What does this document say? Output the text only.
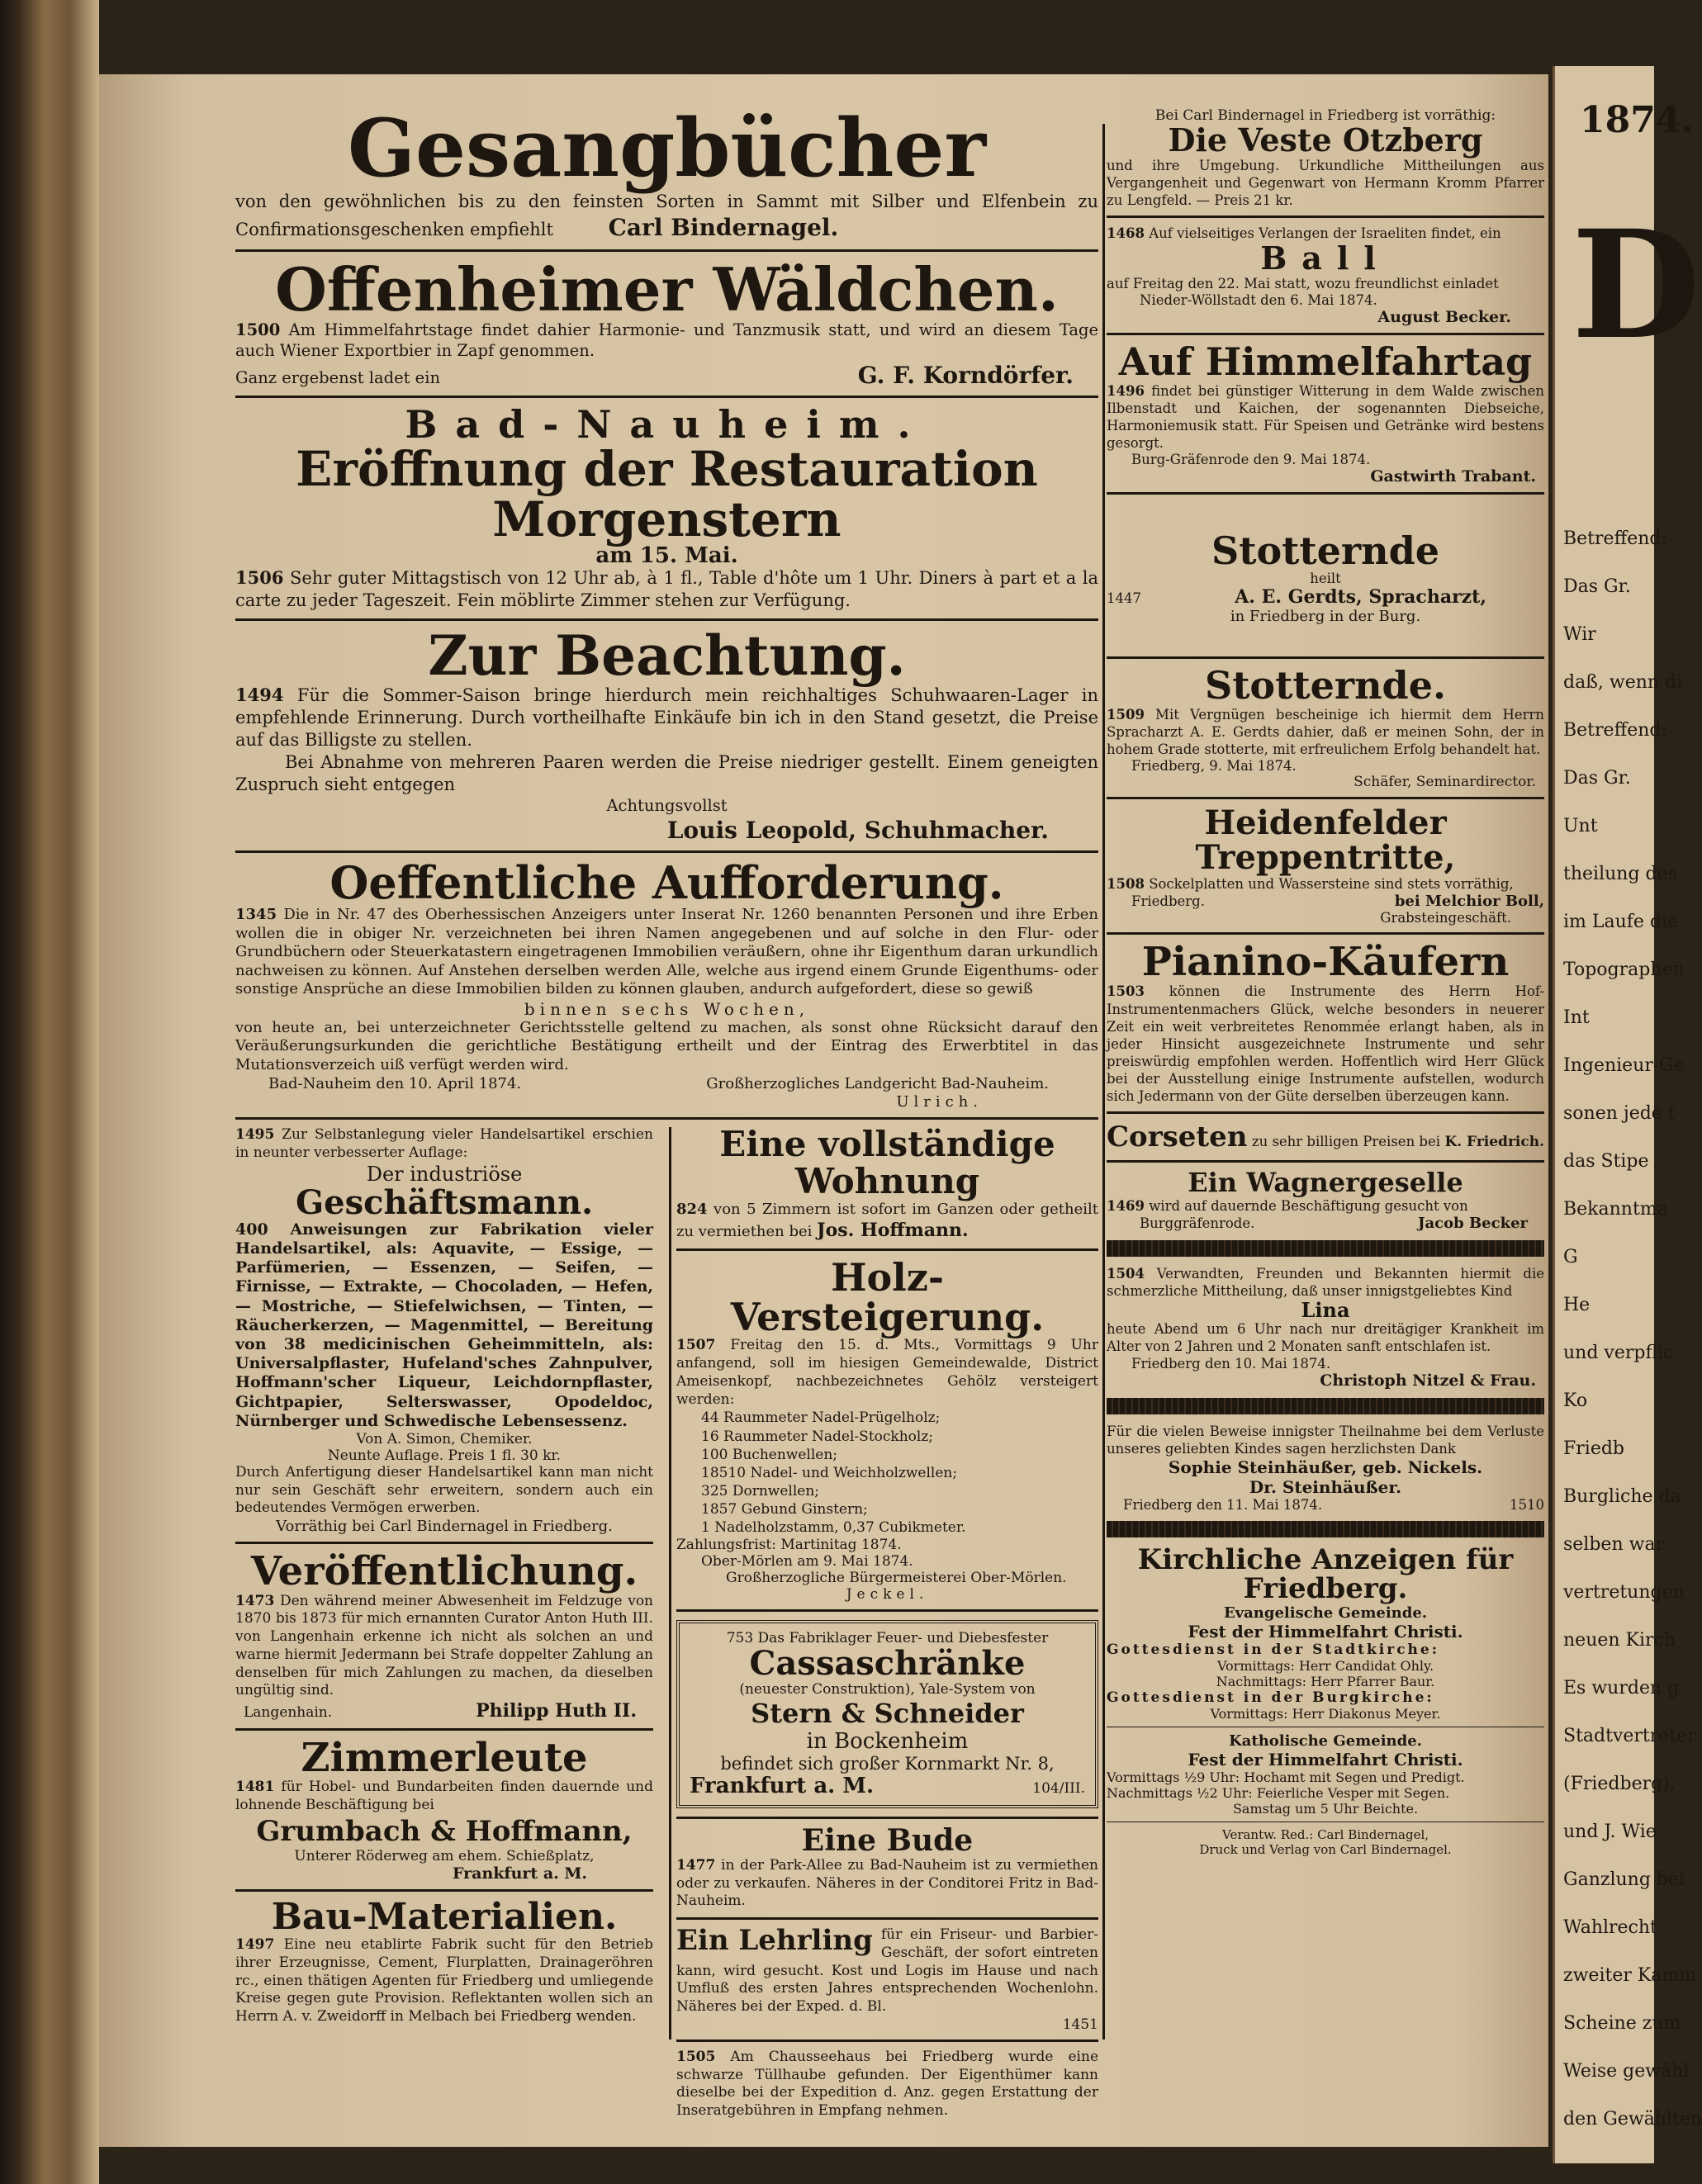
1874.
D
Betreffend:
Das Gr.
Wir
daß, wenn di
Betreffend:
Das Gr.
Unt
theilung des
im Laufe die
Topographen
Int
Ingenieur-Ge
sonen jede t
das Stipe
Bekanntma
G
He
und verpflic
Ko
Friedb
Burgliche da
selben war
vertretungen
neuen Kirch
Es wurden g
Stadtvertreter
(Friedberg),
und J. Wie
Ganzlung bei
Wahlrecht
zweiter Kamm
Scheine zum
Weise gewähl
den Gewählten
Gesangbücher

von den gewöhnlichen bis zu den feinsten Sorten in Sammt mit Silber und Elfenbein zu Confirmationsgeschenken empfiehlt Carl Bindernagel.

Offenheimer Wäldchen.

1500 Am Himmelfahrtstage findet dahier Harmonie- und Tanzmusik statt, und wird an diesem Tage auch Wiener Exportbier in Zapf genommen.

Ganz ergebenst ladet ein	G. F. Korndörfer.
Bad-Nauheim.
Eröffnung der Restauration Morgenstern
am 15. Mai.

1506 Sehr guter Mittagstisch von 12 Uhr ab, à 1 fl., Table d'hôte um 1 Uhr. Diners à part et a la carte zu jeder Tageszeit. Fein möblirte Zimmer stehen zur Verfügung.

Zur Beachtung.

1494 Für die Sommer-Saison bringe hierdurch mein reichhaltiges Schuhwaaren-Lager in empfehlende Erinnerung. Durch vortheilhafte Einkäufe bin ich in den Stand gesetzt, die Preise auf das Billigste zu stellen.

Bei Abnahme von mehreren Paaren werden die Preise niedriger gestellt. Einem geneigten Zuspruch sieht entgegen

Achtungsvollst
Louis Leopold, Schuhmacher.
Oeffentliche Aufforderung.

1345 Die in Nr. 47 des Oberhessischen Anzeigers unter Inserat Nr. 1260 benannten Personen und ihre Erben wollen die in obiger Nr. verzeichneten bei ihren Namen angegebenen und auf solche in den Flur- oder Grundbüchern oder Steuerkatastern eingetragenen Immobilien veräußern, ohne ihr Eigenthum daran urkundlich nachweisen zu können. Auf Anstehen derselben werden Alle, welche aus irgend einem Grunde Eigenthums- oder sonstige Ansprüche an diese Immobilien bilden zu können glauben, andurch aufgefordert, diese so gewiß

binnen sechs Wochen,

von heute an, bei unterzeichneter Gerichtsstelle geltend zu machen, als sonst ohne Rücksicht darauf den Veräußerungsurkunden die gerichtliche Bestätigung ertheilt und der Eintrag des Erwerbtitel in das Mutationsverzeich uiß verfügt werden wird.

Bad-Nauheim den 10. April 1874.	Großherzogliches Landgericht Bad-Nauheim.
Ulrich.

1495 Zur Selbstanlegung vieler Handelsartikel erschien in neunter verbesserter Auflage:

Der industriöse
Geschäftsmann.

400 Anweisungen zur Fabrikation vieler Handelsartikel, als: Aquavite, — Essige, — Parfümerien, — Essenzen, — Seifen, — Firnisse, — Extrakte, — Chocoladen, — Hefen, — Mostriche, — Stiefelwichsen, — Tinten, — Räucherkerzen, — Magenmittel, — Bereitung von 38 medicinischen Geheimmitteln, als: Universalpflaster, Hufeland'sches Zahnpulver, Hoffmann'scher Liqueur, Leichdornpflaster, Gichtpapier, Selterswasser, Opodeldoc, Nürnberger und Schwedische Lebensessenz.

Von A. Simon, Chemiker.
Neunte Auflage. Preis 1 fl. 30 kr.

Durch Anfertigung dieser Handelsartikel kann man nicht nur sein Geschäft sehr erweitern, sondern auch ein bedeutendes Vermögen erwerben.

Vorräthig bei Carl Bindernagel in Friedberg.
Veröffentlichung.

1473 Den während meiner Abwesenheit im Feldzuge von 1870 bis 1873 für mich ernannten Curator Anton Huth III. von Langenhain erkenne ich nicht als solchen an und warne hiermit Jedermann bei Strafe doppelter Zahlung an denselben für mich Zahlungen zu machen, da dieselben ungültig sind.

Langenhain.	Philipp Huth II.
Zimmerleute

1481 für Hobel- und Bundarbeiten finden dauernde und lohnende Beschäftigung bei

Grumbach & Hoffmann,
Unterer Röderweg am ehem. Schießplatz,
Frankfurt a. M.
Bau-Materialien.

1497 Eine neu etablirte Fabrik sucht für den Betrieb ihrer Erzeugnisse, Cement, Flurplatten, Drainageröhren rc., einen thätigen Agenten für Friedberg und umliegende Kreise gegen gute Provision. Reflektanten wollen sich an Herrn A. v. Zweidorff in Melbach bei Friedberg wenden.

Eine vollständige Wohnung

824 von 5 Zimmern ist sofort im Ganzen oder getheilt zu vermiethen bei Jos. Hoffmann.

Holz-Versteigerung.

1507 Freitag den 15. d. Mts., Vormittags 9 Uhr anfangend, soll im hiesigen Gemeindewalde, District Ameisenkopf, nachbezeichnetes Gehölz versteigert werden:

44 Raummeter Nadel-Prügelholz;
16 Raummeter Nadel-Stockholz;
100 Buchenwellen;
18510 Nadel- und Weichholzwellen;
325 Dornwellen;
1857 Gebund Ginstern;
1 Nadelholzstamm, 0,37 Cubikmeter.
Zahlungsfrist: Martinitag 1874.
Ober-Mörlen am 9. Mai 1874.
Großherzogliche Bürgermeisterei Ober-Mörlen.
Jeckel.
753 Das Fabriklager Feuer- und Diebesfester
Cassaschränke
(neuester Construktion), Yale-System von
Stern & Schneider
in Bockenheim
befindet sich großer Kornmarkt Nr. 8,
Frankfurt a. M.	104/III.
Eine Bude

1477 in der Park-Allee zu Bad-Nauheim ist zu vermiethen oder zu verkaufen. Näheres in der Conditorei Fritz in Bad-Nauheim.

Ein Lehrling für ein Friseur- und Barbier-Geschäft, der sofort eintreten kann, wird gesucht. Kost und Logis im Hause und nach Umfluß des ersten Jahres entsprechenden Wochenlohn. Näheres bei der Exped. d. Bl.

1451

1505 Am Chausseehaus bei Friedberg wurde eine schwarze Tüllhaube gefunden. Der Eigenthümer kann dieselbe bei der Expedition d. Anz. gegen Erstattung der Inseratgebühren in Empfang nehmen.

Bei Carl Bindernagel in Friedberg ist vorräthig:
Die Veste Otzberg

und ihre Umgebung. Urkundliche Mittheilungen aus Vergangenheit und Gegenwart von Hermann Kromm Pfarrer zu Lengfeld. — Preis 21 kr.

1468 Auf vielseitiges Verlangen der Israeliten findet, ein

Ball

auf Freitag den 22. Mai statt, wozu freundlichst einladet

Nieder-Wöllstadt den 6. Mai 1874.
August Becker.
Auf Himmelfahrtag

1496 findet bei günstiger Witterung in dem Walde zwischen Ilbenstadt und Kaichen, der sogenannten Diebseiche, Harmoniemusik statt. Für Speisen und Getränke wird bestens gesorgt.

Burg-Gräfenrode den 9. Mai 1874.
Gastwirth Trabant.
Stotternde
heilt
1447	A. E. Gerdts, Spracharzt,
in Friedberg in der Burg.
Stotternde.

1509 Mit Vergnügen bescheinige ich hiermit dem Herrn Spracharzt A. E. Gerdts dahier, daß er meinen Sohn, der in hohem Grade stotterte, mit erfreulichem Erfolg behandelt hat.

Friedberg, 9. Mai 1874.
Schäfer, Seminardirector.
Heidenfelder Treppentritte,

1508 Sockelplatten und Wassersteine sind stets vorräthig,

Friedberg.	bei Melchior Boll,
Grabsteingeschäft.
Pianino-Käufern

1503 können die Instrumente des Herrn Hof-Instrumentenmachers Glück, welche besonders in neuerer Zeit ein weit verbreitetes Renommée erlangt haben, als in jeder Hinsicht ausgezeichnete Instrumente und sehr preiswürdig empfohlen werden. Hoffentlich wird Herr Glück bei der Ausstellung einige Instrumente aufstellen, wodurch sich Jedermann von der Güte derselben überzeugen kann.

Corseten zu sehr billigen Preisen bei K. Friedrich.
Ein Wagnergeselle

1469 wird auf dauernde Beschäftigung gesucht von

Burggräfenrode.	Jacob Becker

1504 Verwandten, Freunden und Bekannten hiermit die schmerzliche Mittheilung, daß unser innigstgeliebtes Kind

Lina

heute Abend um 6 Uhr nach nur dreitägiger Krankheit im Alter von 2 Jahren und 2 Monaten sanft entschlafen ist.

Friedberg den 10. Mai 1874.
Christoph Nitzel & Frau.

Für die vielen Beweise innigster Theilnahme bei dem Verluste unseres geliebten Kindes sagen herzlichsten Dank

Sophie Steinhäußer, geb. Nickels.
Dr. Steinhäußer.
Friedberg den 11. Mai 1874.	1510
Kirchliche Anzeigen für Friedberg.
Evangelische Gemeinde.
Fest der Himmelfahrt Christi.
Gottesdienst in der Stadtkirche:
Vormittags: Herr Candidat Ohly.
Nachmittags: Herr Pfarrer Baur.
Gottesdienst in der Burgkirche:
Vormittags: Herr Diakonus Meyer.
Katholische Gemeinde.
Fest der Himmelfahrt Christi.
Vormittags ½9 Uhr: Hochamt mit Segen und Predigt.
Nachmittags ½2 Uhr: Feierliche Vesper mit Segen.
Samstag um 5 Uhr Beichte.
Verantw. Red.: Carl Bindernagel,
Druck und Verlag von Carl Bindernagel.
